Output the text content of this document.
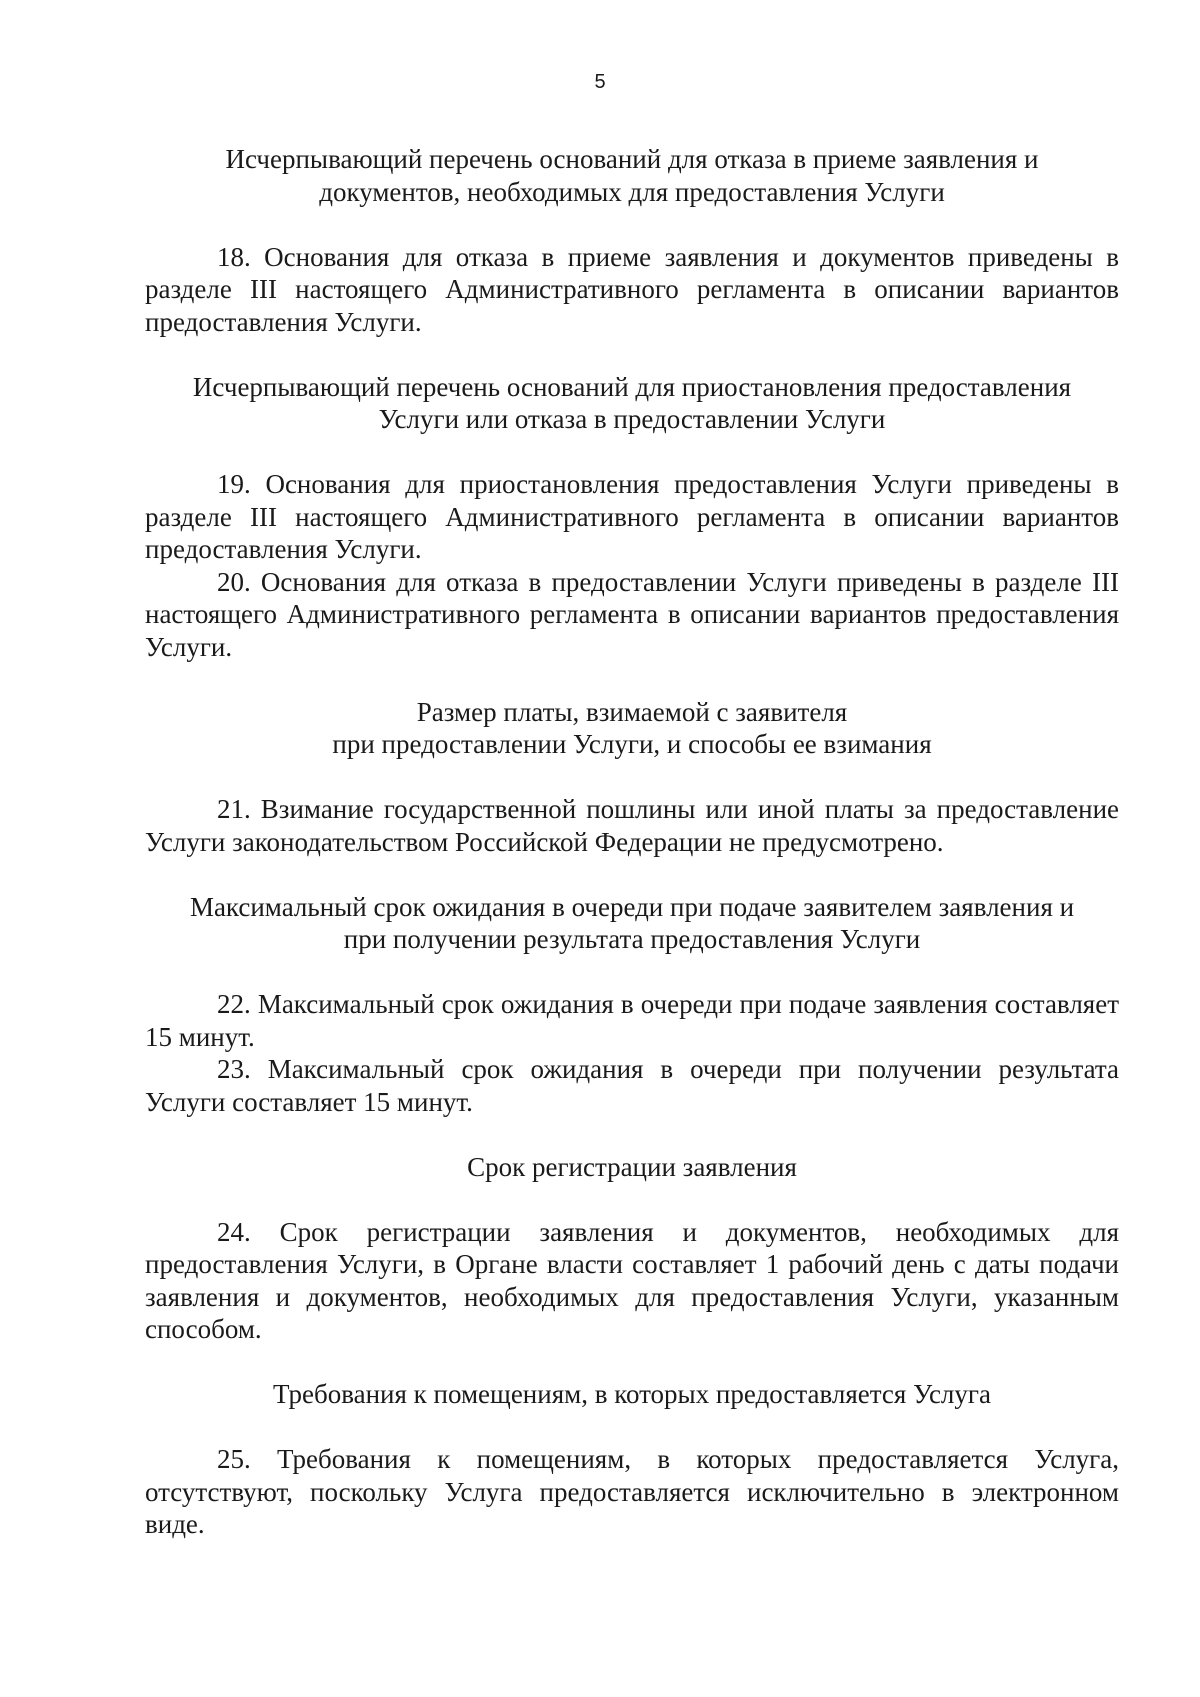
5

Исчерпывающий перечень оснований для отказа в приеме заявления и
документов, необходимых для предоставления Услуги

18. Основания для отказа в приеме заявления и документов приведены в разделе III настоящего Административного регламента в описании вариантов предоставления Услуги.

Исчерпывающий перечень оснований для приостановления предоставления
Услуги или отказа в предоставлении Услуги

19. Основания для приостановления предоставления Услуги приведены в разделе III настоящего Административного регламента в описании вариантов предоставления Услуги.

20. Основания для отказа в предоставлении Услуги приведены в разделе III настоящего Административного регламента в описании вариантов предоставления Услуги.

Размер платы, взимаемой с заявителя
при предоставлении Услуги, и способы ее взимания

21. Взимание государственной пошлины или иной платы за предоставление Услуги законодательством Российской Федерации не предусмотрено.

Максимальный срок ожидания в очереди при подаче заявителем заявления и
при получении результата предоставления Услуги

22. Максимальный срок ожидания в очереди при подаче заявления составляет 15 минут.

23. Максимальный срок ожидания в очереди при получении результата Услуги составляет 15 минут.

Срок регистрации заявления

24. Срок регистрации заявления и документов, необходимых для предоставления Услуги, в Органе власти составляет 1 рабочий день с даты подачи заявления и документов, необходимых для предоставления Услуги, указанным способом.

Требования к помещениям, в которых предоставляется Услуга

25. Требования к помещениям, в которых предоставляется Услуга, отсутствуют, поскольку Услуга предоставляется исключительно в электронном виде.
